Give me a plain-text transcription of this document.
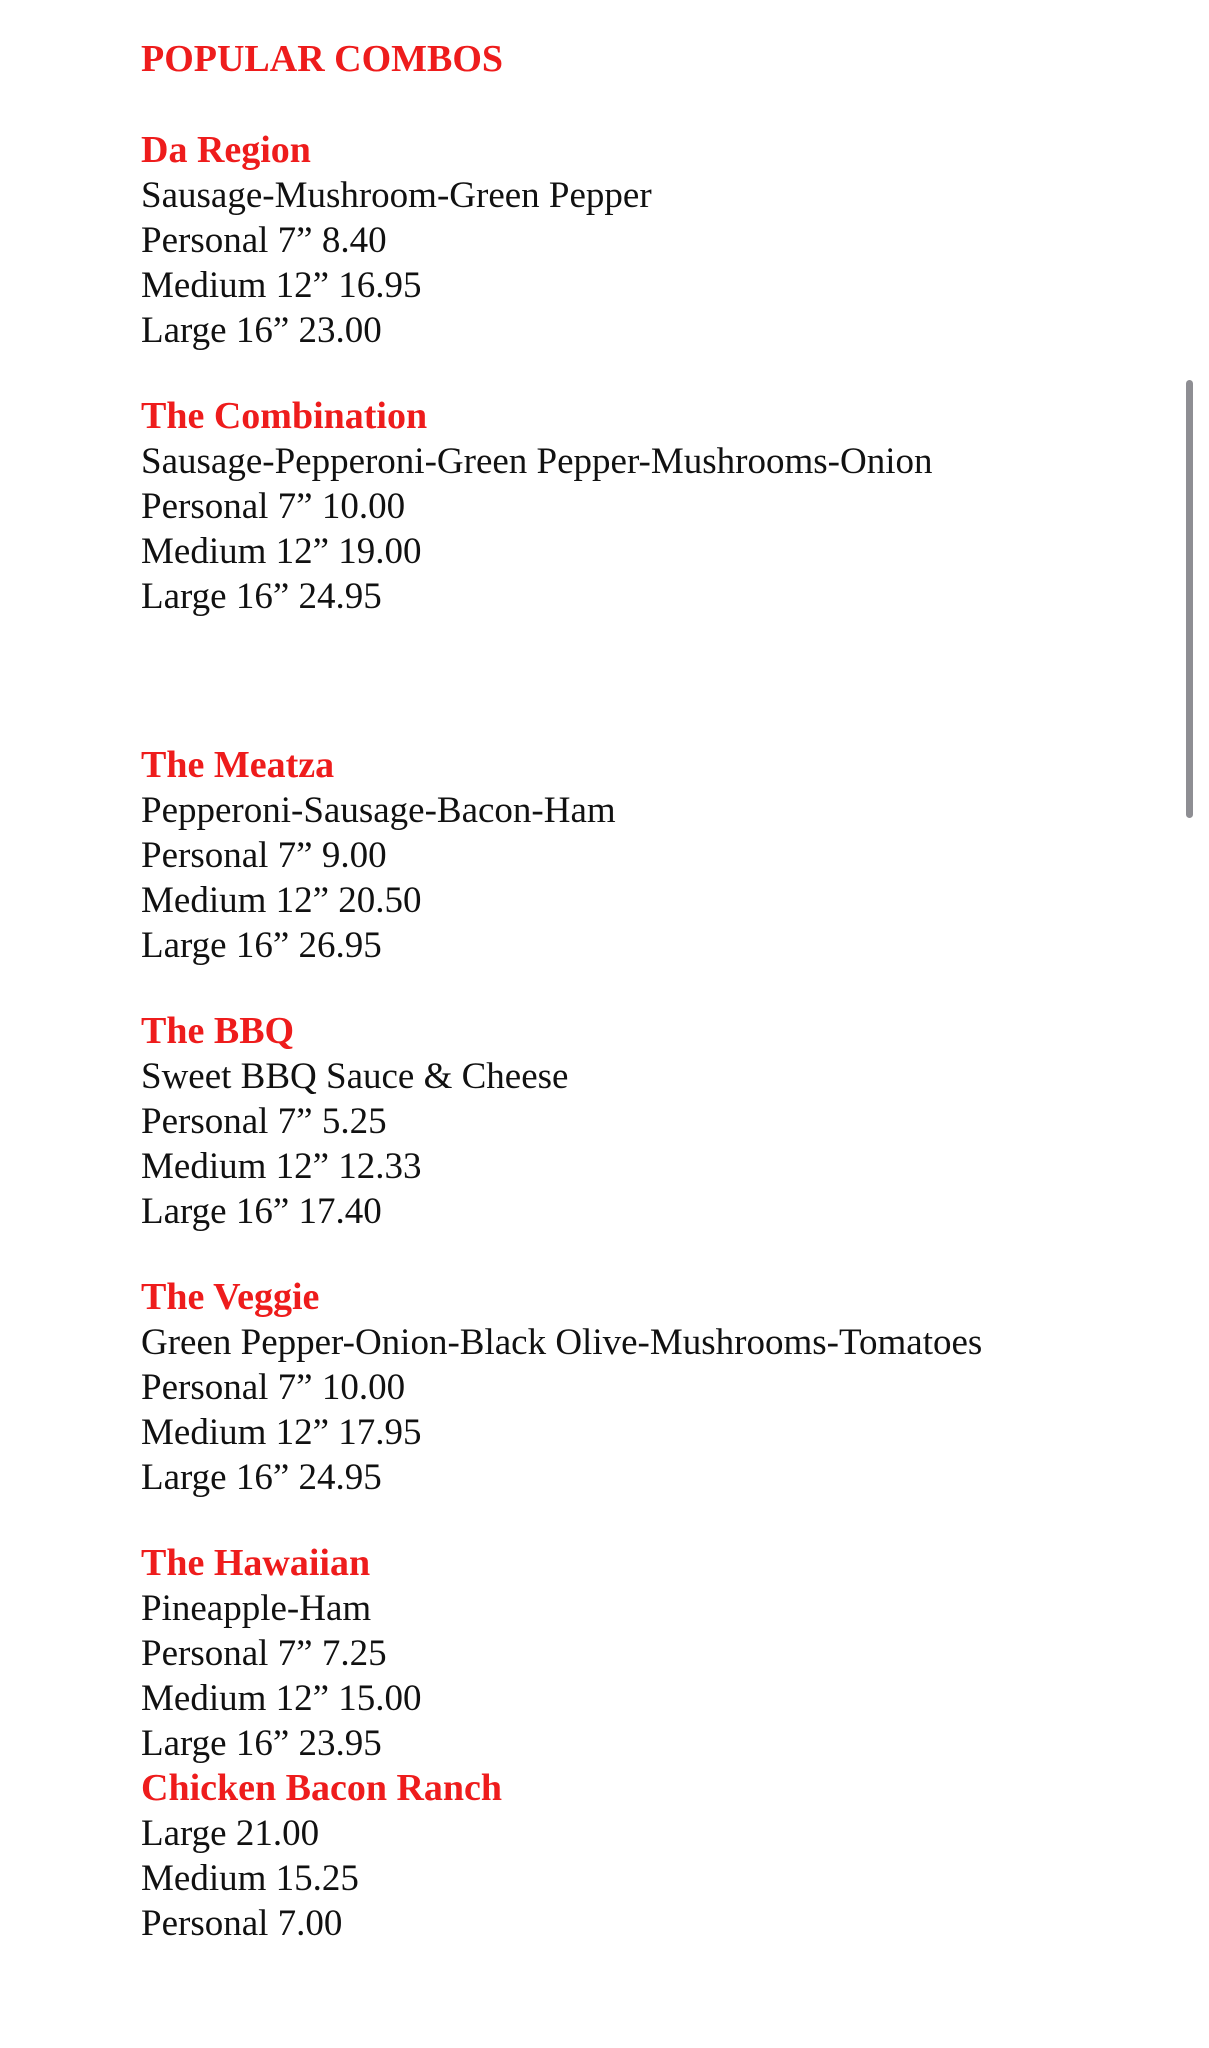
POPULAR COMBOS

Da Region

Sausage-Mushroom-Green Pepper

Personal 7” 8.40

Medium 12” 16.95

Large 16” 23.00

The Combination

Sausage-Pepperoni-Green Pepper-Mushrooms-Onion

Personal 7” 10.00

Medium 12” 19.00

Large 16” 24.95

The Meatza

Pepperoni-Sausage-Bacon-Ham

Personal 7” 9.00

Medium 12” 20.50

Large 16” 26.95

The BBQ

Sweet BBQ Sauce & Cheese

Personal 7” 5.25

Medium 12” 12.33

Large 16” 17.40

The Veggie

Green Pepper-Onion-Black Olive-Mushrooms-Tomatoes

Personal 7” 10.00

Medium 12” 17.95

Large 16” 24.95

The Hawaiian

Pineapple-Ham

Personal 7” 7.25

Medium 12” 15.00

Large 16” 23.95

Chicken Bacon Ranch

Large 21.00

Medium 15.25

Personal 7.00
